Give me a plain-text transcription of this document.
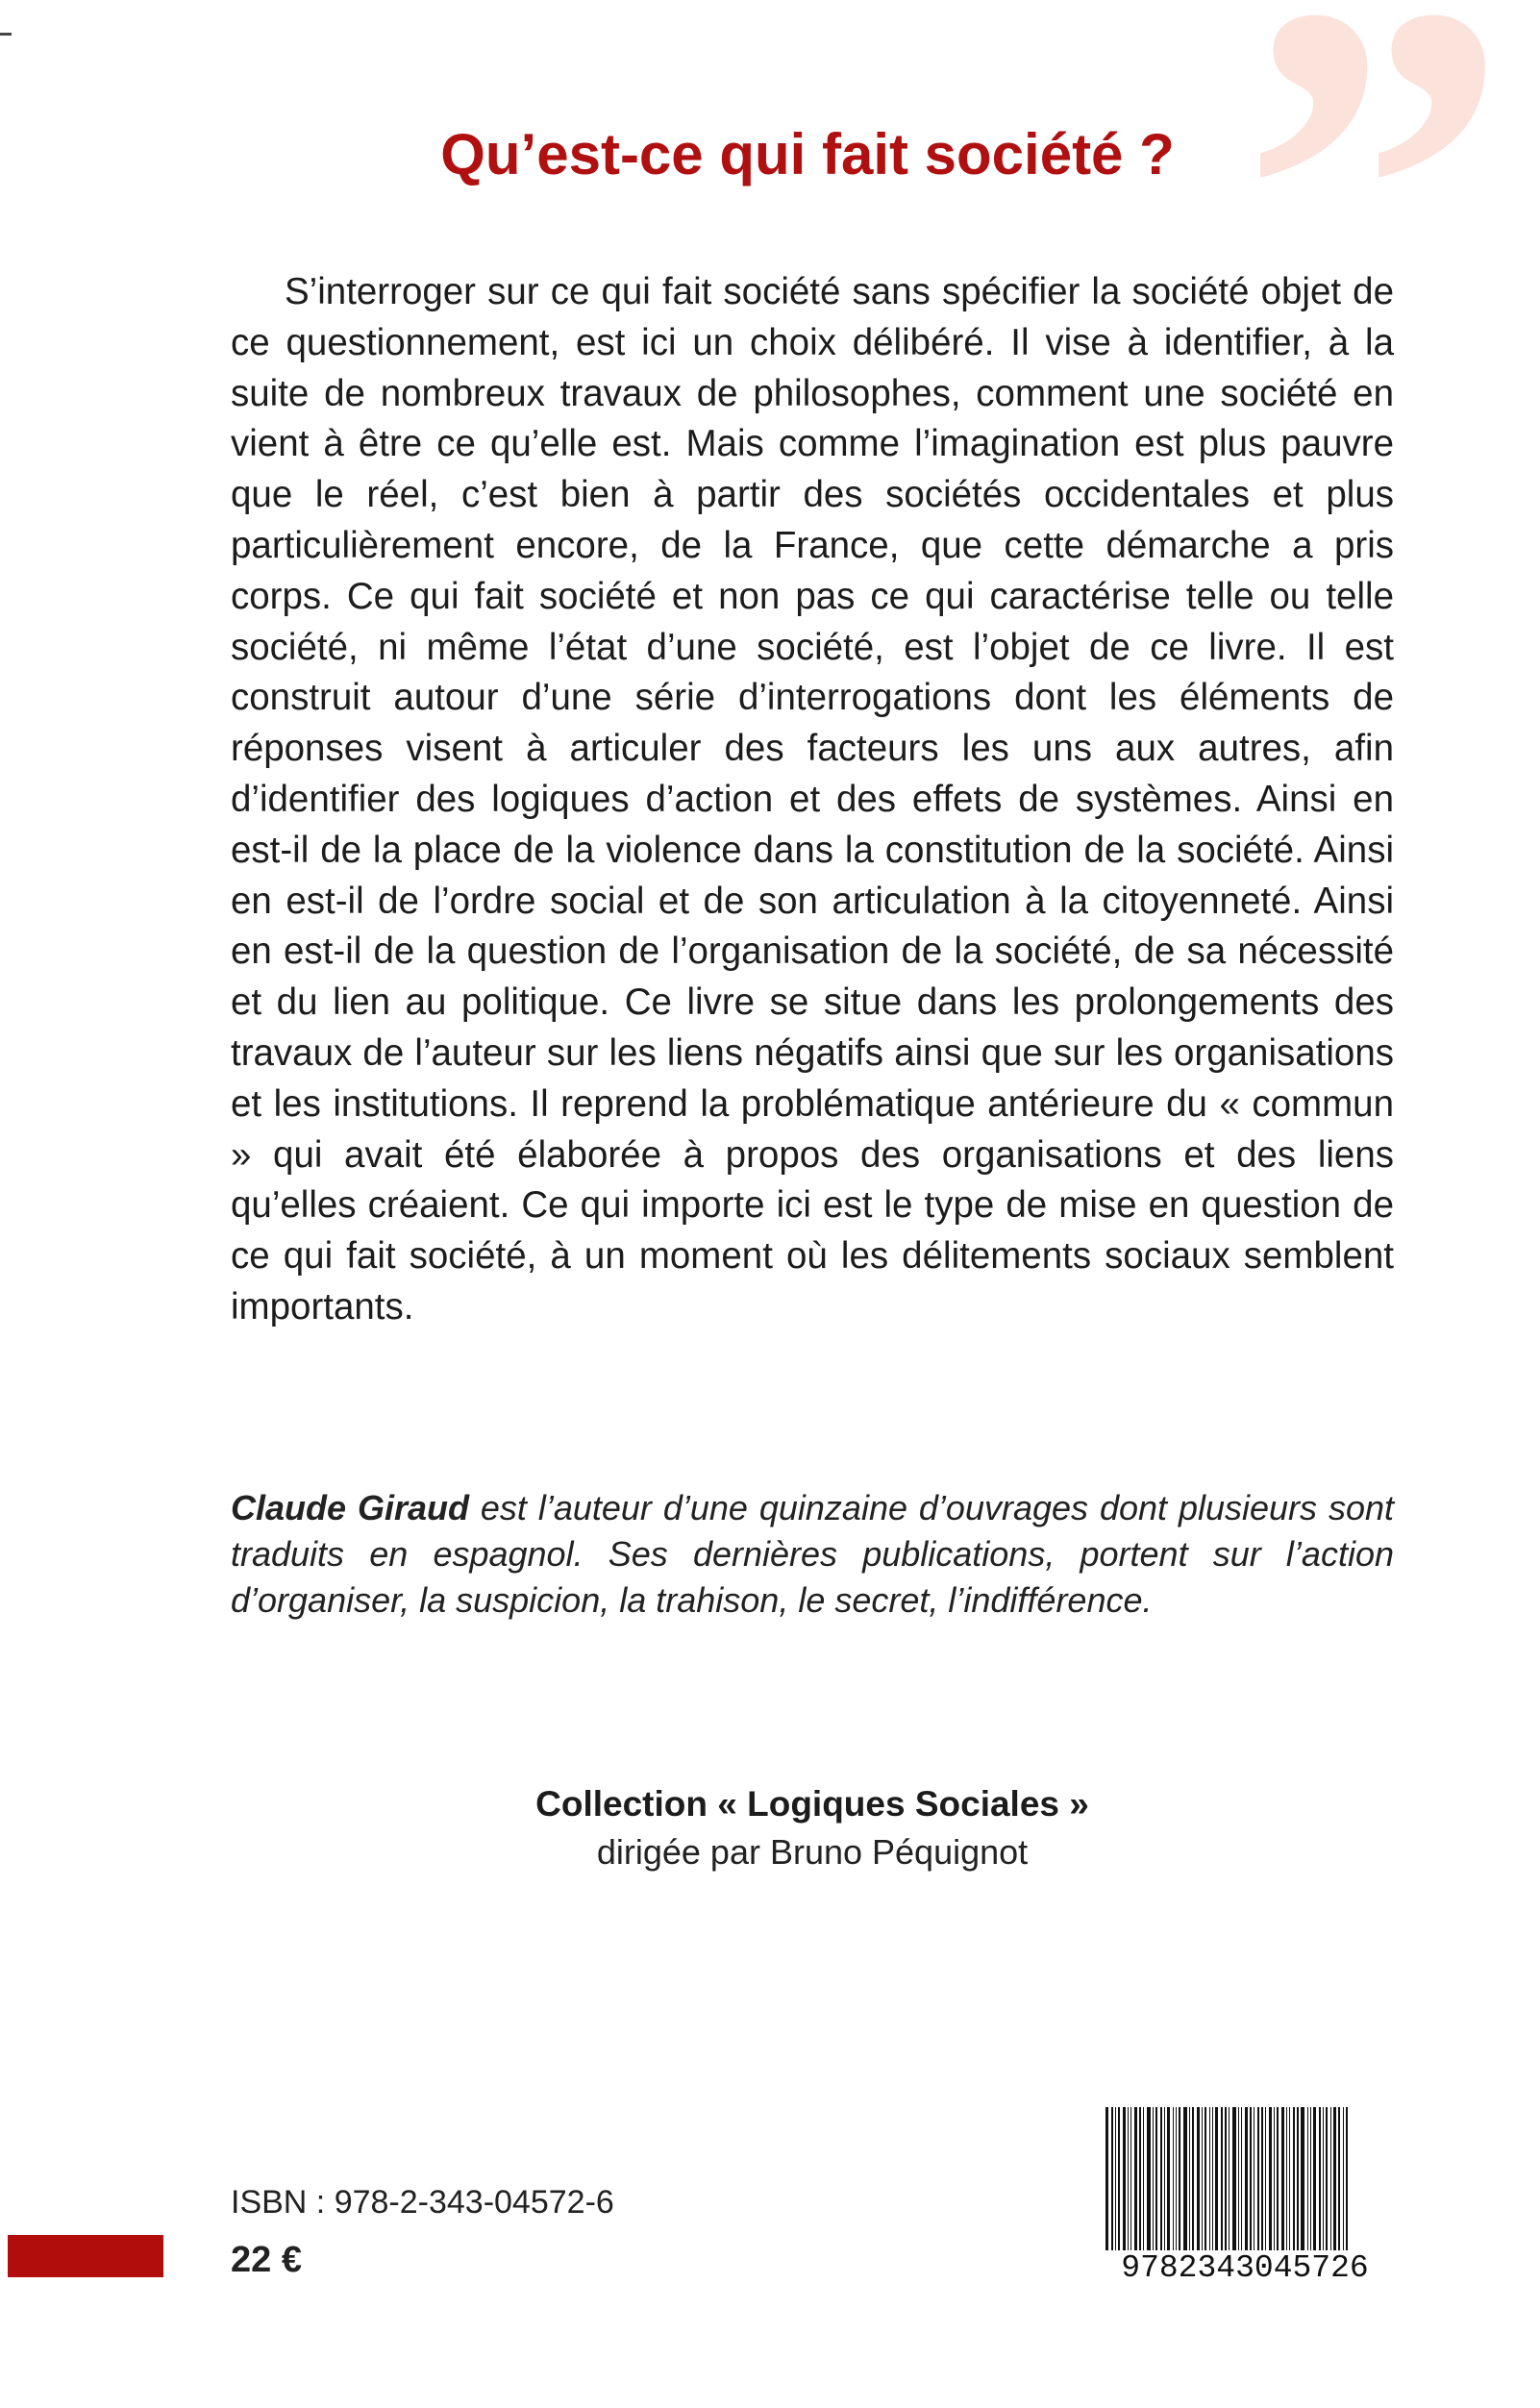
”
Qu’est-ce qui fait société ?

S’interroger sur ce qui fait société sans spécifier la société objet de ce questionnement, est ici un choix délibéré. Il vise à identifier, à la suite de nombreux travaux de philosophes, comment une société en vient à être ce qu’elle est. Mais comme l’imagination est plus pauvre que le réel, c’est bien à partir des sociétés occidentales et plus particulièrement encore, de la France, que cette démarche a pris corps. Ce qui fait société et non pas ce qui caractérise telle ou telle société, ni même l’état d’une société, est l’objet de ce livre. Il est construit autour d’une série d’interrogations dont les éléments de réponses visent à articuler des facteurs les uns aux autres, afin d’identifier des logiques d’action et des effets de systèmes. Ainsi en est-il de la place de la violence dans la constitution de la société. Ainsi en est-il de l’ordre social et de son articulation à la citoyenneté. Ainsi en est-il de la question de l’organisation de la société, de sa nécessité et du lien au politique. Ce livre se situe dans les prolongements des travaux de l’auteur sur les liens négatifs ainsi que sur les organisations et les institutions. Il reprend la problématique antérieure du « commun » qui avait été élaborée à propos des organisations et des liens qu’elles créaient. Ce qui importe ici est le type de mise en question de ce qui fait société, à un moment où les délitements sociaux semblent importants.

Claude Giraud est l’auteur d’une quinzaine d’ouvrages dont plusieurs sont traduits en espagnol. Ses dernières publications, portent sur l’action d’organiser, la suspicion, la trahison, le secret, l’indifférence.

Collection « Logiques Sociales »
dirigée par Bruno Péquignot
ISBN : 978-2-343-04572-6
22 €	9782343045726
